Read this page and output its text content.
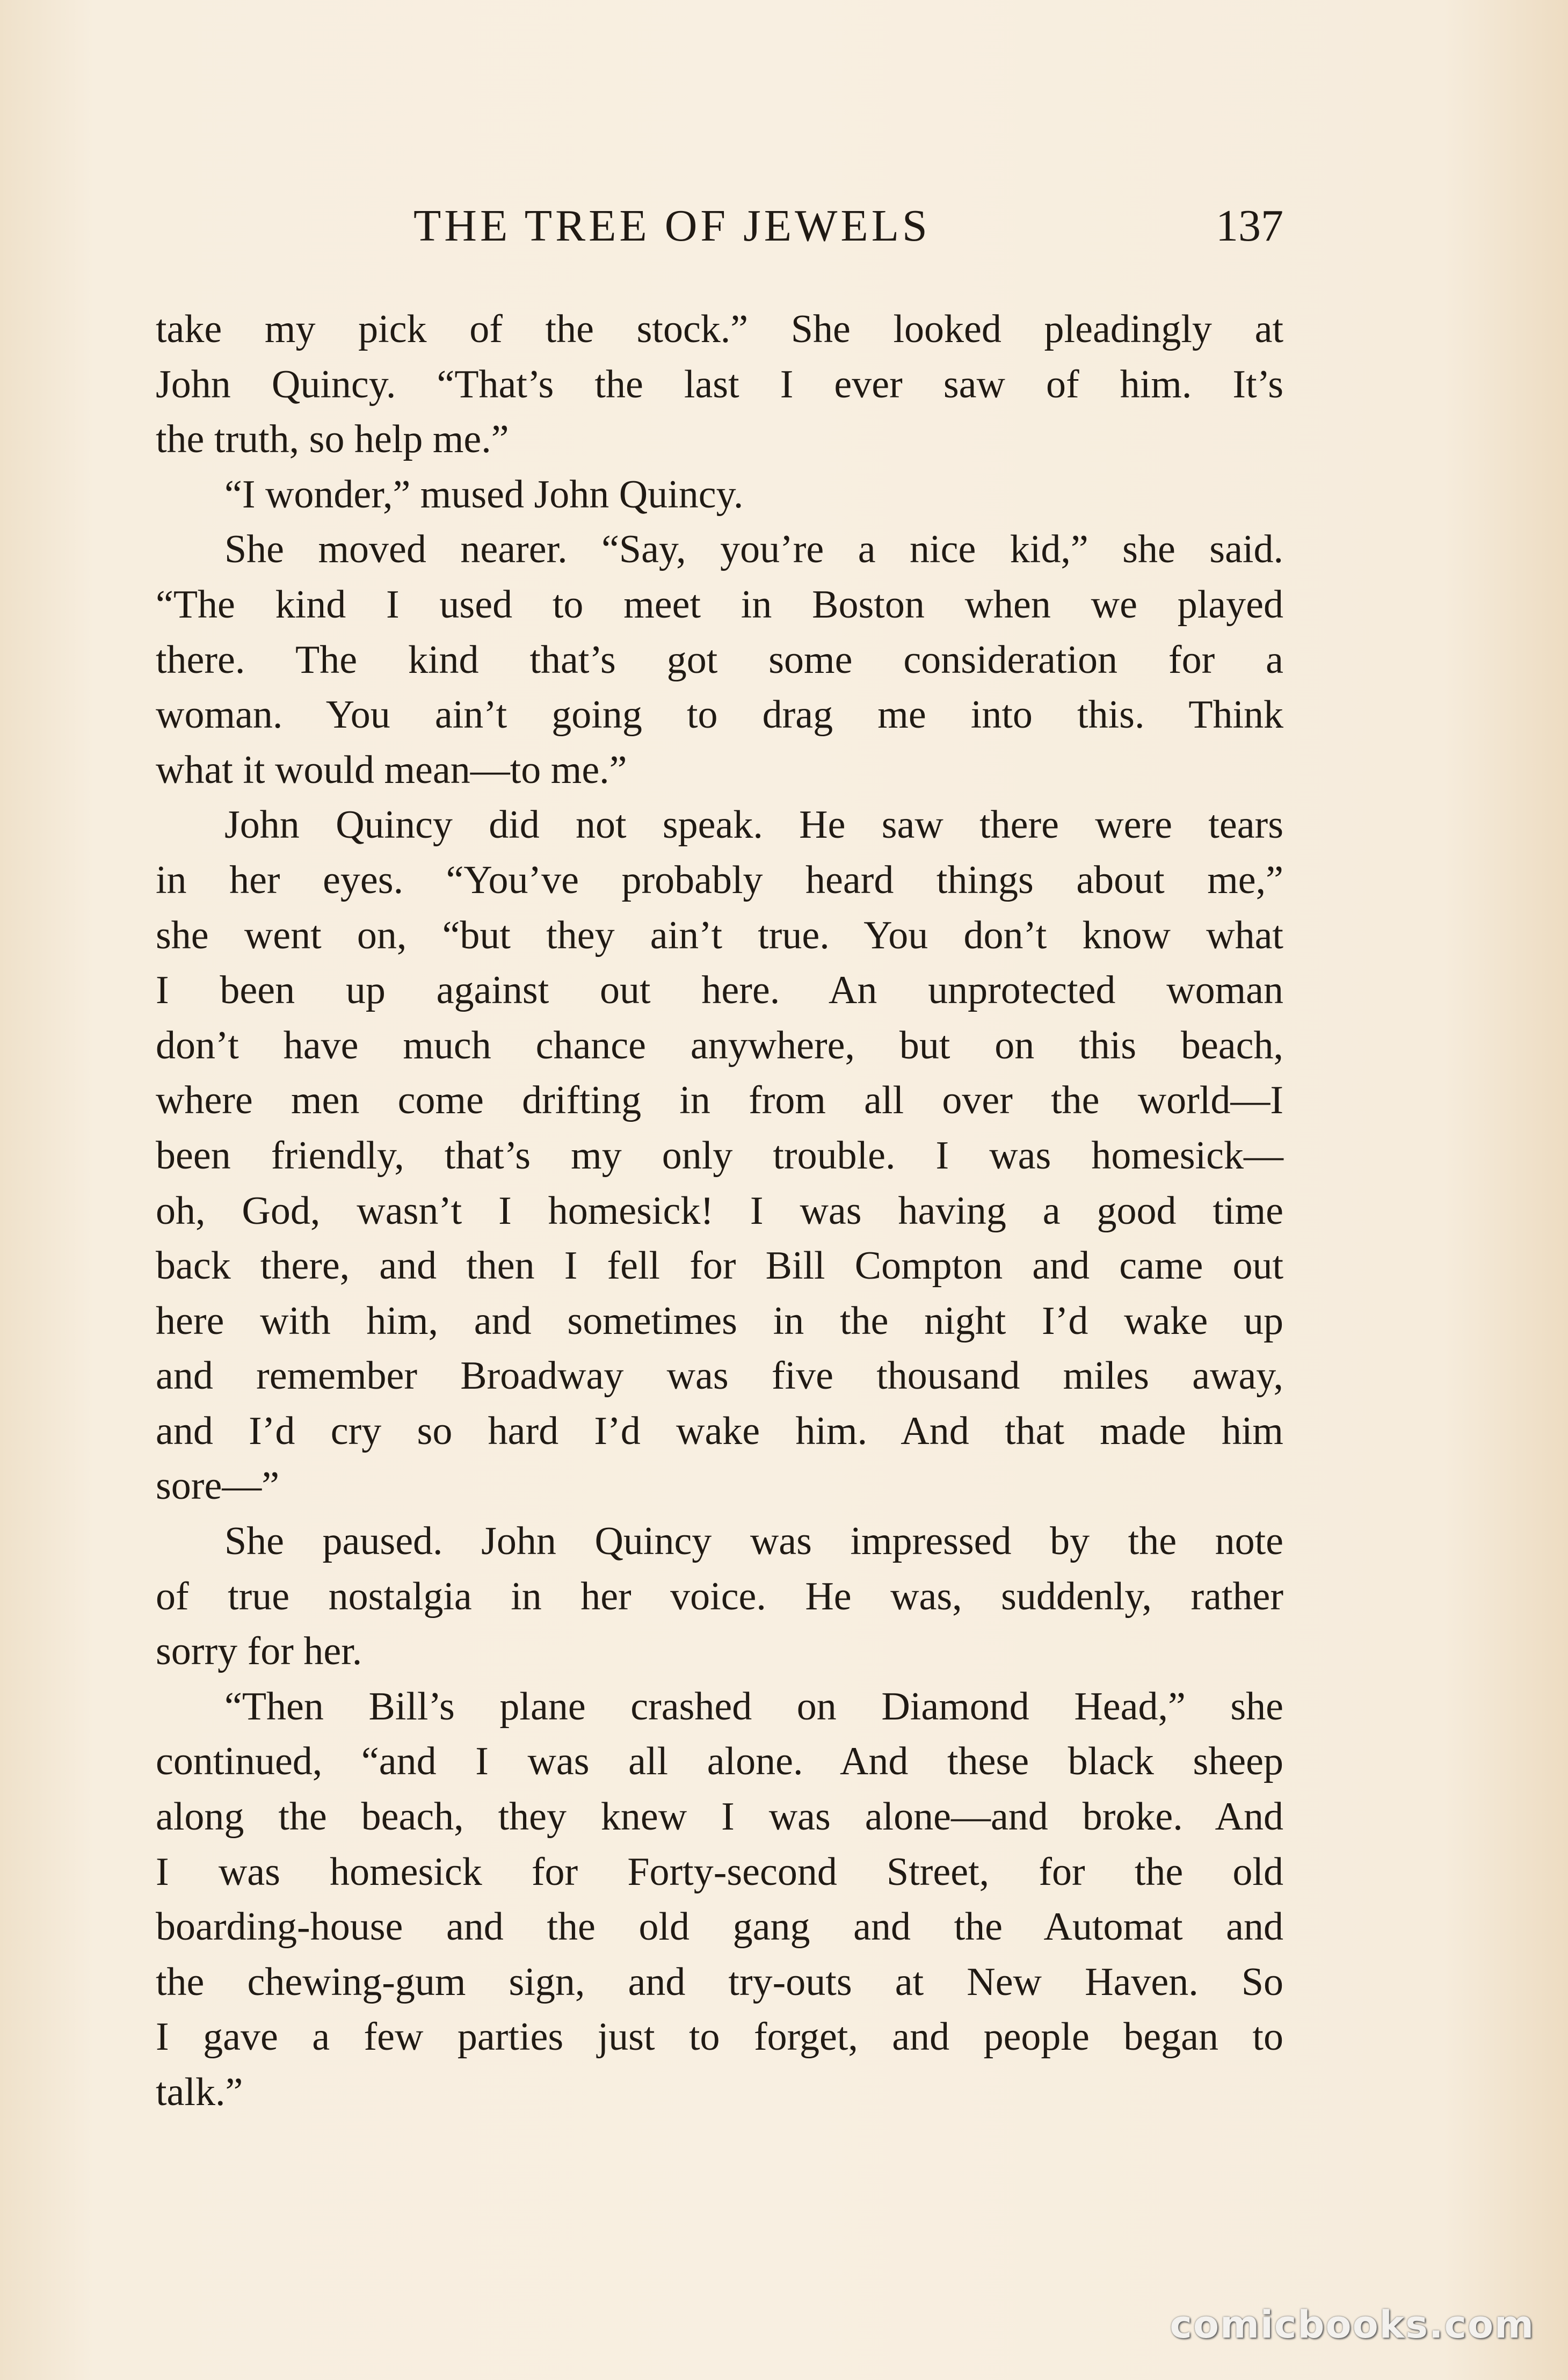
THE TREE OF JEWELS	137
take my pick of the stock.” She looked pleadingly at
John Quincy. “That’s the last I ever saw of him. It’s
the truth, so help me.”
“I wonder,” mused John Quincy.
She moved nearer. “Say, you’re a nice kid,” she said.
“The kind I used to meet in Boston when we played
there. The kind that’s got some consideration for a
woman. You ain’t going to drag me into this. Think
what it would mean—to me.”
John Quincy did not speak. He saw there were tears
in her eyes. “You’ve probably heard things about me,”
she went on, “but they ain’t true. You don’t know what
I been up against out here. An unprotected woman
don’t have much chance anywhere, but on this beach,
where men come drifting in from all over the world—I
been friendly, that’s my only trouble. I was homesick—
oh, God, wasn’t I homesick! I was having a good time
back there, and then I fell for Bill Compton and came out
here with him, and sometimes in the night I’d wake up
and remember Broadway was five thousand miles away,
and I’d cry so hard I’d wake him. And that made him
sore—”
She paused. John Quincy was impressed by the note
of true nostalgia in her voice. He was, suddenly, rather
sorry for her.
“Then Bill’s plane crashed on Diamond Head,” she
continued, “and I was all alone. And these black sheep
along the beach, they knew I was alone—and broke. And
I was homesick for Forty-second Street, for the old
boarding-house and the old gang and the Automat and
the chewing-gum sign, and try-outs at New Haven. So
I gave a few parties just to forget, and people began to
talk.”
comicbooks.com
